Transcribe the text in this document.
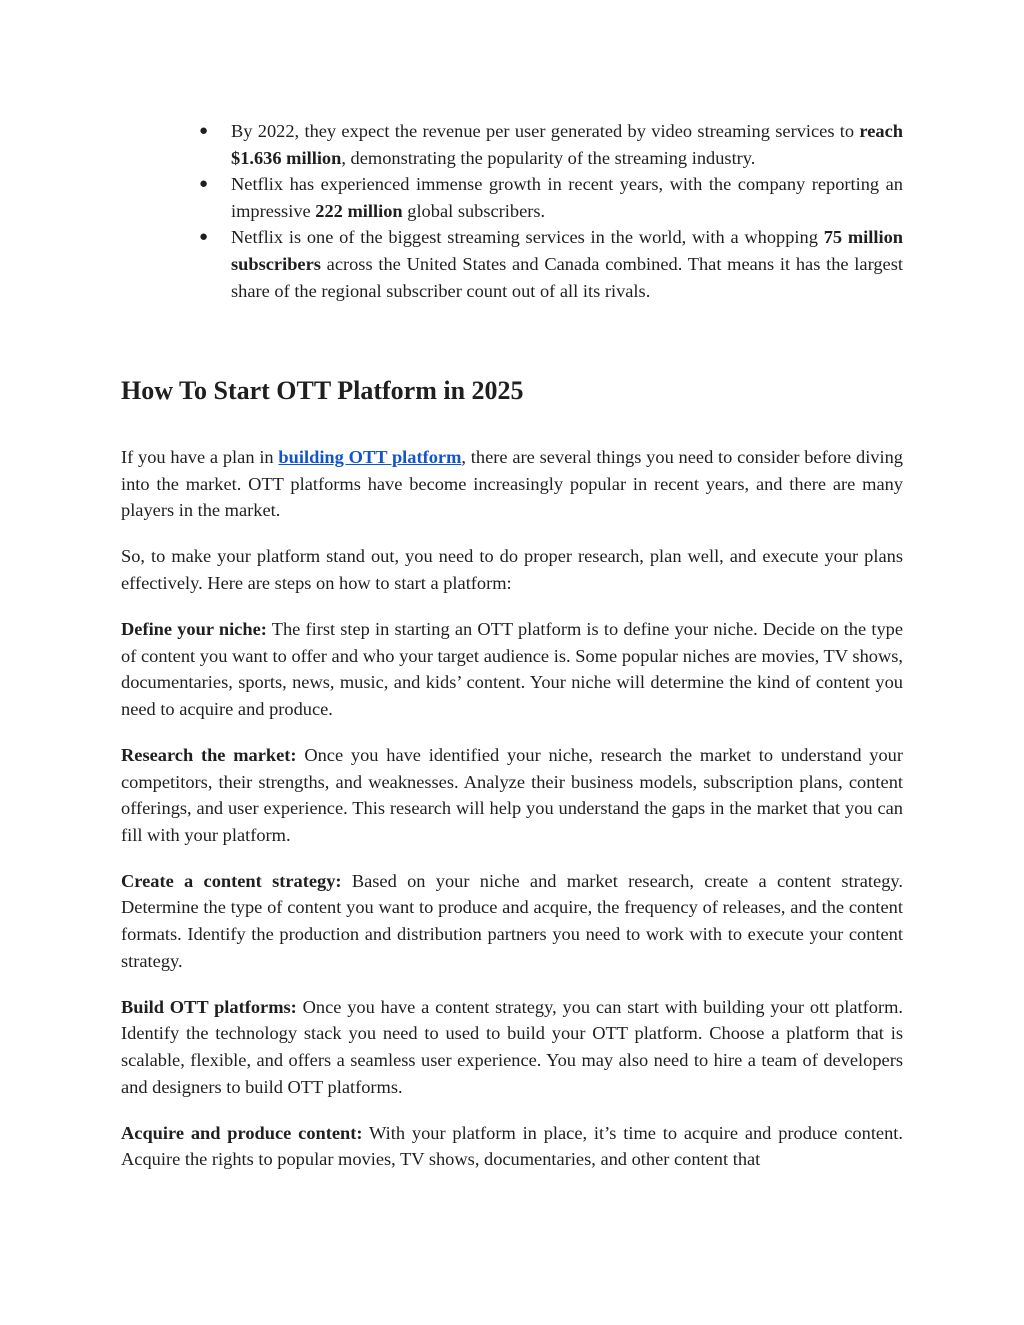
● By 2022, they expect the revenue per user generated by video streaming services to reach $1.636 million, demonstrating the popularity of the streaming industry.
● Netflix has experienced immense growth in recent years, with the company reporting an impressive 222 million global subscribers.
● Netflix is one of the biggest streaming services in the world, with a whopping 75 million subscribers across the United States and Canada combined. That means it has the largest share of the regional subscriber count out of all its rivals.
How To Start OTT Platform in 2025

If you have a plan in building OTT platform, there are several things you need to consider before diving into the market. OTT platforms have become increasingly popular in recent years, and there are many players in the market.

So, to make your platform stand out, you need to do proper research, plan well, and execute your plans effectively. Here are steps on how to start a platform:

Define your niche: The first step in starting an OTT platform is to define your niche. Decide on the type of content you want to offer and who your target audience is. Some popular niches are movies, TV shows, documentaries, sports, news, music, and kids’ content. Your niche will determine the kind of content you need to acquire and produce.

Research the market: Once you have identified your niche, research the market to understand your competitors, their strengths, and weaknesses. Analyze their business models, subscription plans, content offerings, and user experience. This research will help you understand the gaps in the market that you can fill with your platform.

Create a content strategy: Based on your niche and market research, create a content strategy. Determine the type of content you want to produce and acquire, the frequency of releases, and the content formats. Identify the production and distribution partners you need to work with to execute your content strategy.

Build OTT platforms: Once you have a content strategy, you can start with building your ott platform. Identify the technology stack you need to used to build your OTT platform. Choose a platform that is scalable, flexible, and offers a seamless user experience. You may also need to hire a team of developers and designers to build OTT platforms.

Acquire and produce content: With your platform in place, it’s time to acquire and produce content. Acquire the rights to popular movies, TV shows, documentaries, and other content that
